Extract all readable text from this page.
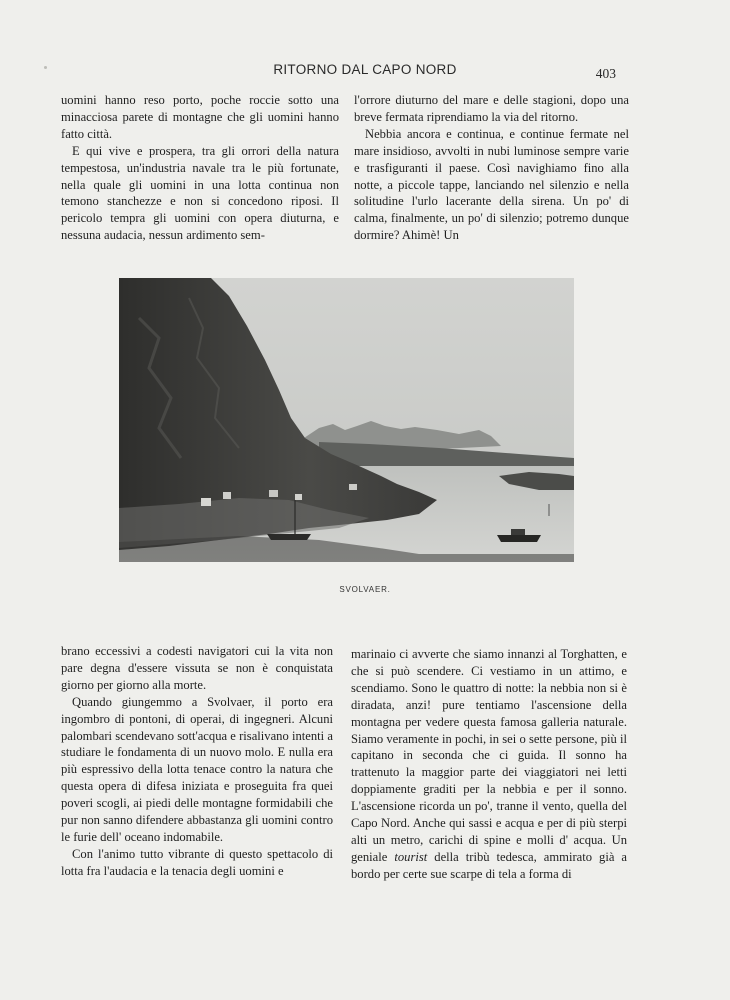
RITORNO DAL CAPO NORD	403

uomini hanno reso porto, poche roccie sotto una minacciosa parete di montagne che gli uomini hanno fatto città.

E qui vive e prospera, tra gli orrori della natura tempestosa, un'industria navale tra le più fortunate, nella quale gli uomini in una lotta continua non temono stanchezze e non si concedono riposi. Il pericolo tempra gli uomini con opera diuturna, e nessuna audacia, nessun ardimento sem-

l'orrore diuturno del mare e delle stagioni, dopo una breve fermata riprendiamo la via del ritorno.

Nebbia ancora e continua, e continue fermate nel mare insidioso, avvolti in nubi luminose sempre varie e trasfiguranti il paese. Così navighiamo fino alla notte, a piccole tappe, lanciando nel silenzio e nella solitudine l'urlo lacerante della sirena. Un po' di calma, finalmente, un po' di silenzio; potremo dunque dormire? Ahimè! Un

SVOLVAER.

brano eccessivi a codesti navigatori cui la vita non pare degna d'essere vissuta se non è conquistata giorno per giorno alla morte.

Quando giungemmo a Svolvaer, il porto era ingombro di pontoni, di operai, di ingegneri. Alcuni palombari scendevano sott'acqua e risalivano intenti a studiare le fondamenta di un nuovo molo. E nulla era più espressivo della lotta tenace contro la natura che questa opera di difesa iniziata e proseguita fra quei poveri scogli, ai piedi delle montagne formidabili che pur non sanno difendere abbastanza gli uomini contro le furie dell' oceano indomabile.

Con l'animo tutto vibrante di questo spettacolo di lotta fra l'audacia e la tenacia degli uomini e

marinaio ci avverte che siamo innanzi al Torghatten, e che si può scendere. Ci vestiamo in un attimo, e scendiamo. Sono le quattro di notte: la nebbia non si è diradata, anzi! pure tentiamo l'ascensione della montagna per vedere questa famosa galleria naturale. Siamo veramente in pochi, in sei o sette persone, più il capitano in seconda che ci guida. Il sonno ha trattenuto la maggior parte dei viaggiatori nei letti doppiamente graditi per la nebbia e per il sonno. L'ascensione ricorda un po', tranne il vento, quella del Capo Nord. Anche qui sassi e acqua e per di più sterpi alti un metro, carichi di spine e molli d' acqua. Un geniale tourist della tribù tedesca, ammirato già a bordo per certe sue scarpe di tela a forma di
